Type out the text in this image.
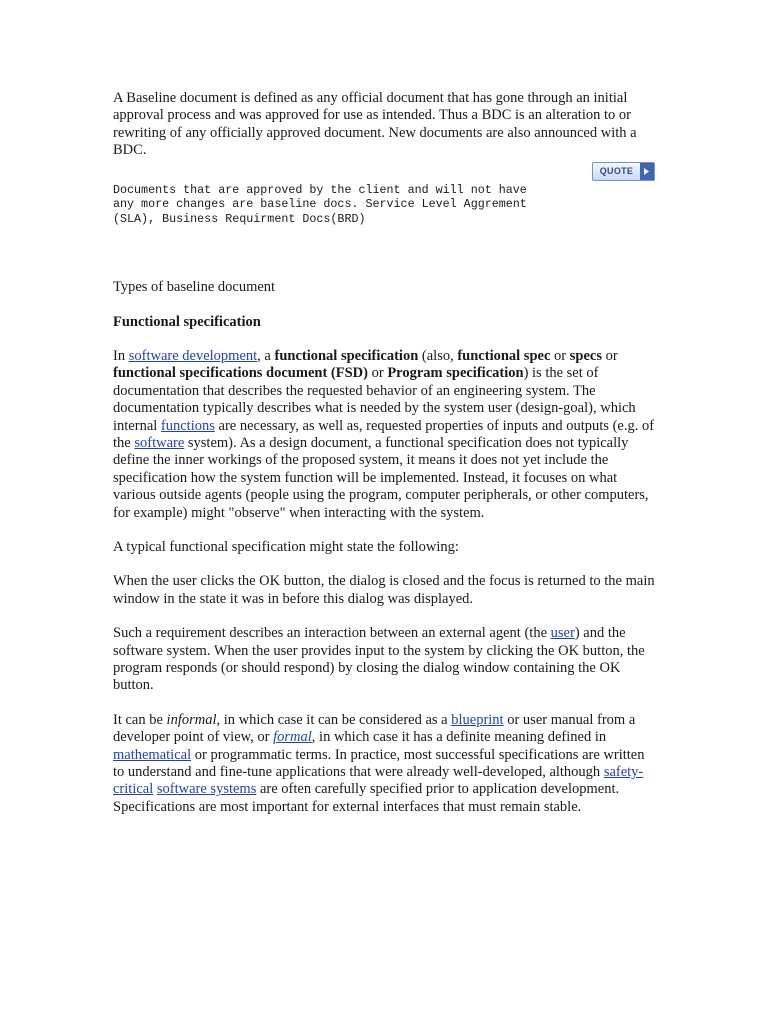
A Baseline document is defined as any official document that has gone through an initial approval process and was approved for use as intended. Thus a BDC is an alteration to or rewriting of any officially approved document. New documents are also announced with a BDC.

QUOTE
Documents that are approved by the client and will not have
any more changes are baseline docs. Service Level Aggrement
(SLA), Business Requirment Docs(BRD)

Types of baseline document

Functional specification

In software development, a functional specification (also, functional spec or specs or functional specifications document (FSD) or Program specification) is the set of documentation that describes the requested behavior of an engineering system. The documentation typically describes what is needed by the system user (design-goal), which internal functions are necessary, as well as, requested properties of inputs and outputs (e.g. of the software system). As a design document, a functional specification does not typically define the inner workings of the proposed system, it means it does not yet include the specification how the system function will be implemented. Instead, it focuses on what various outside agents (people using the program, computer peripherals, or other computers, for example) might "observe" when interacting with the system.

A typical functional specification might state the following:

When the user clicks the OK button, the dialog is closed and the focus is returned to the main window in the state it was in before this dialog was displayed.

Such a requirement describes an interaction between an external agent (the user) and the software system. When the user provides input to the system by clicking the OK button, the program responds (or should respond) by closing the dialog window containing the OK button.

It can be informal, in which case it can be considered as a blueprint or user manual from a developer point of view, or formal, in which case it has a definite meaning defined in mathematical or programmatic terms. In practice, most successful specifications are written to understand and fine-tune applications that were already well-developed, although safety-critical software systems are often carefully specified prior to application development. Specifications are most important for external interfaces that must remain stable.
